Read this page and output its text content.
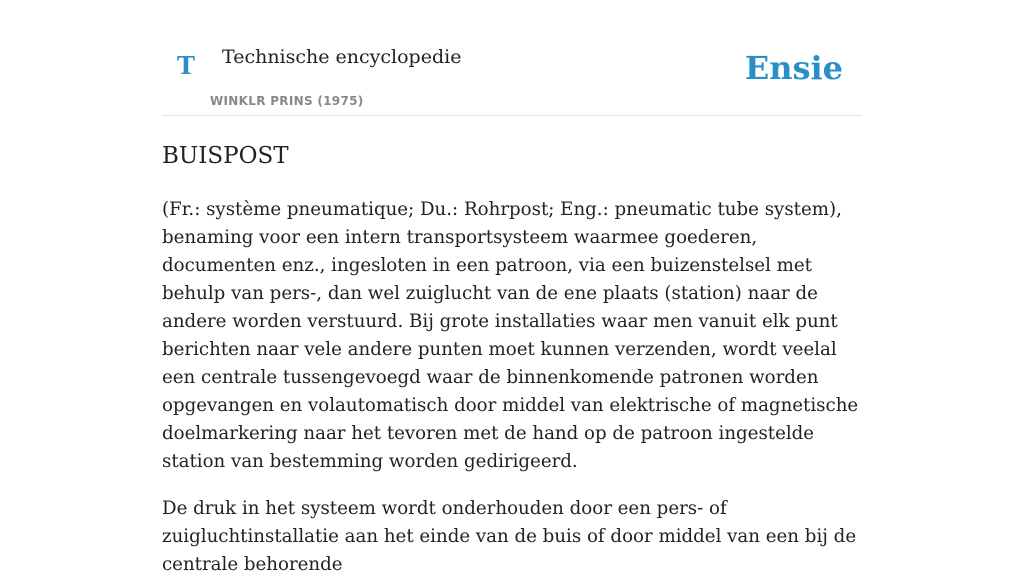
T Technische encyclopedie
WINKLR PRINS (1975)
Ensie
BUISPOST

(Fr.: système pneumatique; Du.: Rohrpost; Eng.: pneumatic tube system), benaming voor een intern transportsysteem waarmee goederen, documenten enz., ingesloten in een patroon, via een buizenstelsel met behulp van pers-, dan wel zuiglucht van de ene plaats (station) naar de andere worden verstuurd. Bij grote installaties waar men vanuit elk punt berichten naar vele andere punten moet kunnen verzenden, wordt veelal een centrale tussengevoegd waar de binnenkomende patronen worden opgevangen en volautomatisch door middel van elektrische of magnetische doelmarkering naar het tevoren met de hand op de patroon ingestelde station van bestemming worden gedirigeerd.

De druk in het systeem wordt onderhouden door een pers- of zuigluchtinstallatie aan het einde van de buis of door middel van een bij de centrale behorende
